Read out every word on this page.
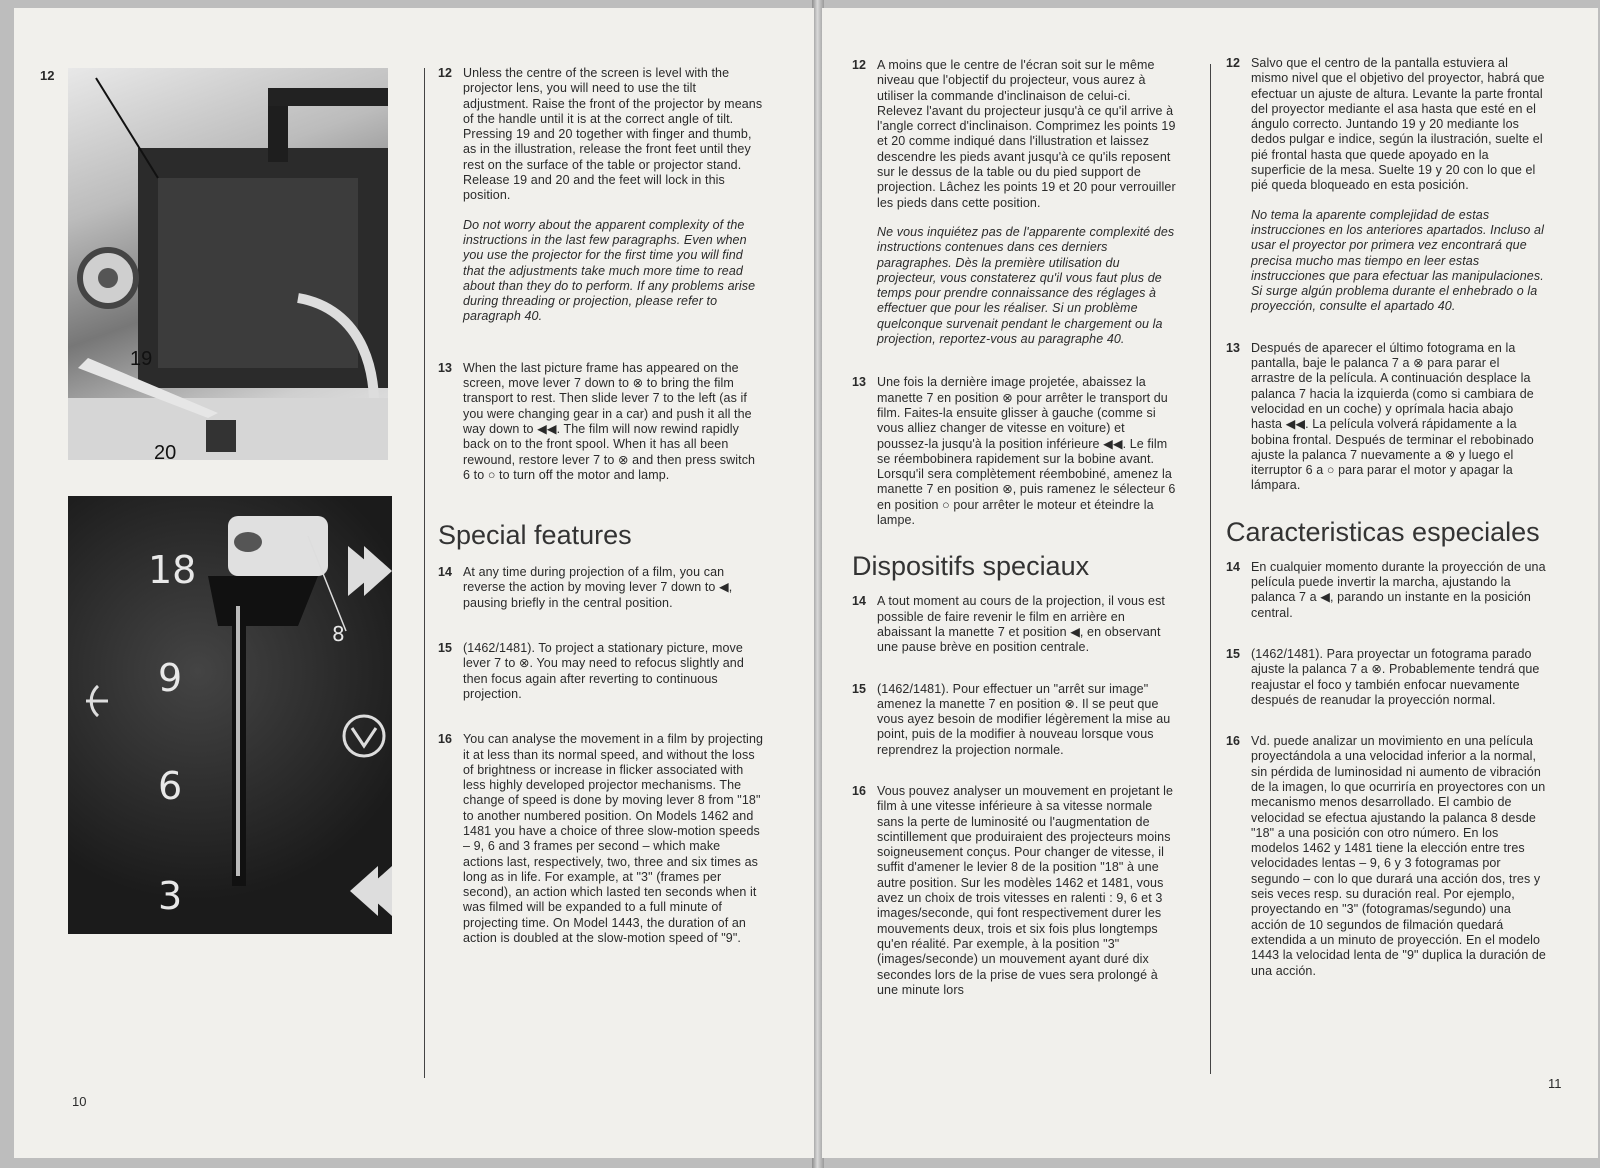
12
19
20
18
9
6
3
8
12 Unless the centre of the screen is level with the projector lens, you will need to use the tilt adjustment. Raise the front of the projector by means of the handle until it is at the correct angle of tilt. Pressing 19 and 20 together with finger and thumb, as in the illustration, release the front feet until they rest on the surface of the table or projector stand. Release 19 and 20 and the feet will lock in this position.
Do not worry about the apparent complexity of the instructions in the last few paragraphs. Even when you use the projector for the first time you will find that the adjustments take much more time to read about than they do to perform. If any problems arise during threading or projection, please refer to paragraph 40.
13 When the last picture frame has appeared on the screen, move lever 7 down to ⊗ to bring the film transport to rest. Then slide lever 7 to the left (as if you were changing gear in a car) and push it all the way down to ◀◀. The film will now rewind rapidly back on to the front spool. When it has all been rewound, restore lever 7 to ⊗ and then press switch 6 to ○ to turn off the motor and lamp.
Special features
14 At any time during projection of a film, you can reverse the action by moving lever 7 down to ◀, pausing briefly in the central position.
15 (1462/1481). To project a stationary picture, move lever 7 to ⊗. You may need to refocus slightly and then focus again after reverting to continuous projection.
16 You can analyse the movement in a film by projecting it at less than its normal speed, and without the loss of brightness or increase in flicker associated with less highly developed projector mechanisms. The change of speed is done by moving lever 8 from "18" to another numbered position. On Models 1462 and 1481 you have a choice of three slow-motion speeds – 9, 6 and 3 frames per second – which make actions last, respectively, two, three and six times as long as in life. For example, at "3" (frames per second), an action which lasted ten seconds when it was filmed will be expanded to a full minute of projecting time. On Model 1443, the duration of an action is doubled at the slow-motion speed of "9".
10
12 A moins que le centre de l'écran soit sur le même niveau que l'objectif du projecteur, vous aurez à utiliser la commande d'inclinaison de celui-ci. Relevez l'avant du projecteur jusqu'à ce qu'il arrive à l'angle correct d'inclinaison. Comprimez les points 19 et 20 comme indiqué dans l'illustration et laissez descendre les pieds avant jusqu'à ce qu'ils reposent sur le dessus de la table ou du pied support de projection. Lâchez les points 19 et 20 pour verrouiller les pieds dans cette position.
Ne vous inquiétez pas de l'apparente complexité des instructions contenues dans ces derniers paragraphes. Dès la première utilisation du projecteur, vous constaterez qu'il vous faut plus de temps pour prendre connaissance des réglages à effectuer que pour les réaliser. Si un problème quelconque survenait pendant le chargement ou la projection, reportez-vous au paragraphe 40.
13 Une fois la dernière image projetée, abaissez la manette 7 en position ⊗ pour arrêter le transport du film. Faites-la ensuite glisser à gauche (comme si vous alliez changer de vitesse en voiture) et poussez-la jusqu'à la position inférieure ◀◀. Le film se réembobinera rapidement sur la bobine avant. Lorsqu'il sera complètement réembobiné, amenez la manette 7 en position ⊗, puis ramenez le sélecteur 6 en position ○ pour arrêter le moteur et éteindre la lampe.
Dispositifs speciaux
14 A tout moment au cours de la projection, il vous est possible de faire revenir le film en arrière en abaissant la manette 7 et position ◀, en observant une pause brève en position centrale.
15 (1462/1481). Pour effectuer un "arrêt sur image" amenez la manette 7 en position ⊗. Il se peut que vous ayez besoin de modifier légèrement la mise au point, puis de la modifier à nouveau lorsque vous reprendrez la projection normale.
16 Vous pouvez analyser un mouvement en projetant le film à une vitesse inférieure à sa vitesse normale sans la perte de luminosité ou l'augmentation de scintillement que produiraient des projecteurs moins soigneusement conçus. Pour changer de vitesse, il suffit d'amener le levier 8 de la position "18" à une autre position. Sur les modèles 1462 et 1481, vous avez un choix de trois vitesses en ralenti : 9, 6 et 3 images/seconde, qui font respectivement durer les mouvements deux, trois et six fois plus longtemps qu'en réalité. Par exemple, à la position "3" (images/seconde) un mouvement ayant duré dix secondes lors de la prise de vues sera prolongé à une minute lors
12 Salvo que el centro de la pantalla estuviera al mismo nivel que el objetivo del proyector, habrá que efectuar un ajuste de altura. Levante la parte frontal del proyector mediante el asa hasta que esté en el ángulo correcto. Juntando 19 y 20 mediante los dedos pulgar e indice, según la ilustración, suelte el pié frontal hasta que quede apoyado en la superficie de la mesa. Suelte 19 y 20 con lo que el pié queda bloqueado en esta posición.
No tema la aparente complejidad de estas instrucciones en los anteriores apartados. Incluso al usar el proyector por primera vez encontrará que precisa mucho mas tiempo en leer estas instrucciones que para efectuar las manipulaciones. Si surge algún problema durante el enhebrado o la proyección, consulte el apartado 40.
13 Después de aparecer el último fotograma en la pantalla, baje le palanca 7 a ⊗ para parar el arrastre de la película. A continuación desplace la palanca 7 hacia la izquierda (como si cambiara de velocidad en un coche) y oprímala hacia abajo hasta ◀◀. La película volverá rápidamente a la bobina frontal. Después de terminar el rebobinado ajuste la palanca 7 nuevamente a ⊗ y luego el iterruptor 6 a ○ para parar el motor y apagar la lámpara.
Caracteristicas especiales
14 En cualquier momento durante la proyección de una película puede invertir la marcha, ajustando la palanca 7 a ◀, parando un instante en la posición central.
15 (1462/1481). Para proyectar un fotograma parado ajuste la palanca 7 a ⊗. Probablemente tendrá que reajustar el foco y también enfocar nuevamente después de reanudar la proyección normal.
16 Vd. puede analizar un movimiento en una película proyectándola a una velocidad inferior a la normal, sin pérdida de luminosidad ni aumento de vibración de la imagen, lo que ocurriría en proyectores con un mecanismo menos desarrollado. El cambio de velocidad se efectua ajustando la palanca 8 desde "18" a una posición con otro número. En los modelos 1462 y 1481 tiene la elección entre tres velocidades lentas – 9, 6 y 3 fotogramas por segundo – con lo que durará una acción dos, tres y seis veces resp. su duración real. Por ejemplo, proyectando en "3" (fotogramas/segundo) una acción de 10 segundos de filmación quedará extendida a un minuto de proyección. En el modelo 1443 la velocidad lenta de "9" duplica la duración de una acción.
11
